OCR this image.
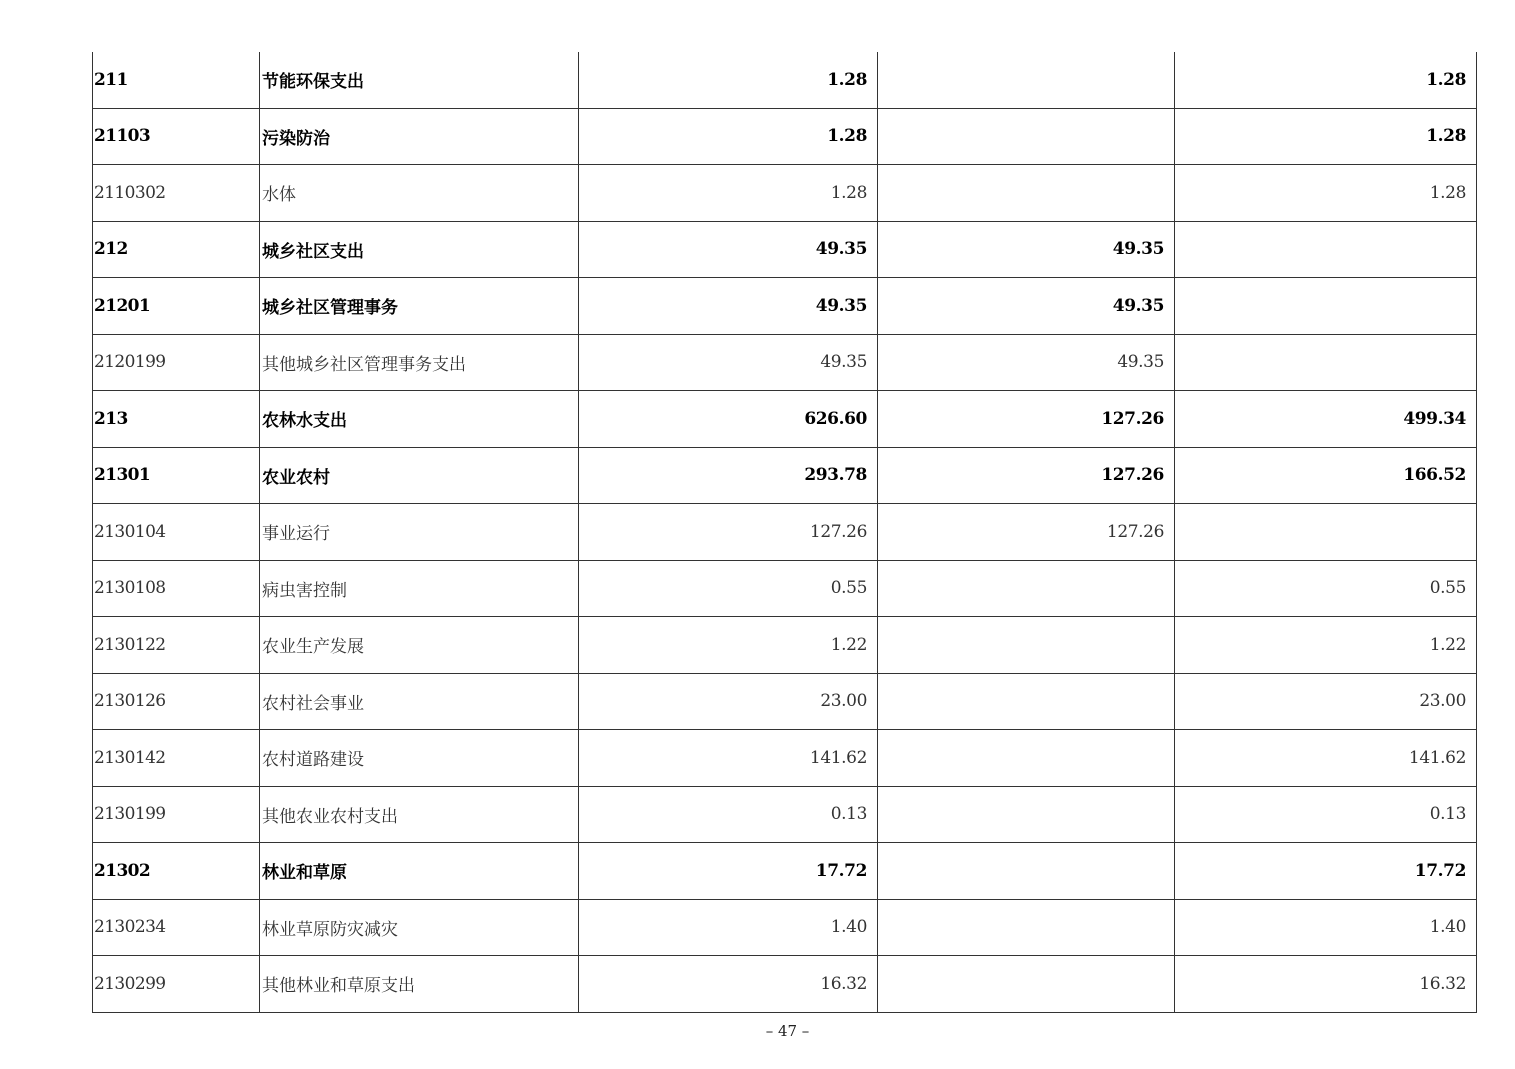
211	节能环保支出	1.28		1.28
21103	污染防治	1.28		1.28
2110302	水体	1.28		1.28
212	城乡社区支出	49.35	49.35	
21201	城乡社区管理事务	49.35	49.35	
2120199	其他城乡社区管理事务支出	49.35	49.35	
213	农林水支出	626.60	127.26	499.34
21301	农业农村	293.78	127.26	166.52
2130104	事业运行	127.26	127.26	
2130108	病虫害控制	0.55		0.55
2130122	农业生产发展	1.22		1.22
2130126	农村社会事业	23.00		23.00
2130142	农村道路建设	141.62		141.62
2130199	其他农业农村支出	0.13		0.13
21302	林业和草原	17.72		17.72
2130234	林业草原防灾减灾	1.40		1.40
2130299	其他林业和草原支出	16.32		16.32
– 47 –
